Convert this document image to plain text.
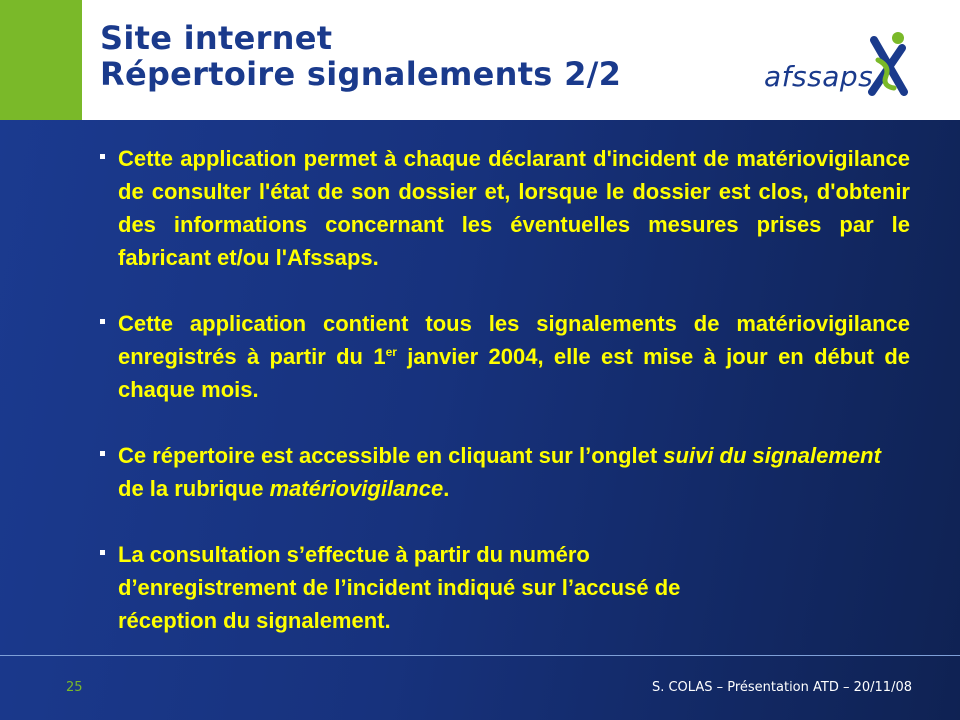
Site internet
Répertoire signalements 2/2	afssaps
Cette application permet à chaque déclarant d'incident de matériovigilance de consulter l'état de son dossier et, lorsque le dossier est clos, d'obtenir des informations concernant les éventuelles mesures prises par le fabricant et/ou l'Afssaps.
Cette application contient tous les signalements de matériovigilance enregistrés à partir du 1er janvier 2004, elle est mise à jour en début de chaque mois.
Ce répertoire est accessible en cliquant sur l’onglet suivi du signalement de la rubrique matériovigilance.
La consultation s’effectue à partir du numéro
d’enregistrement de l’incident indiqué sur l’accusé de
réception du signalement.
25	S. COLAS – Présentation ATD – 20/11/08
